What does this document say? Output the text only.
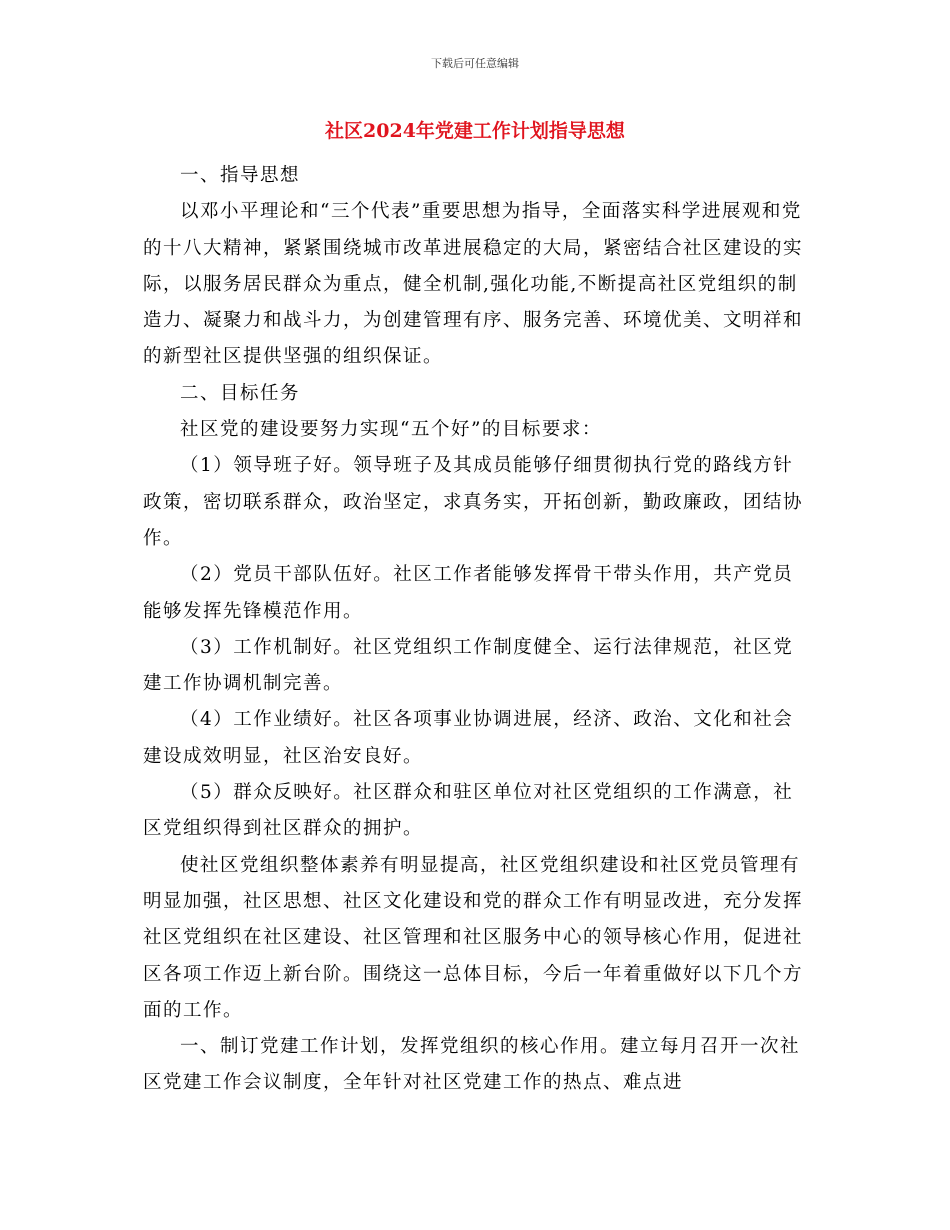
下载后可任意编辑
社区2024年党建工作计划指导思想

一、指导思想

以邓小平理论和“三个代表”重要思想为指导，全面落实科学进展观和党的十八大精神，紧紧围绕城市改革进展稳定的大局，紧密结合社区建设的实际，以服务居民群众为重点，健全机制,强化功能,不断提高社区党组织的制造力、凝聚力和战斗力，为创建管理有序、服务完善、环境优美、文明祥和的新型社区提供坚强的组织保证。

二、目标任务

社区党的建设要努力实现“五个好”的目标要求：

（1）领导班子好。领导班子及其成员能够仔细贯彻执行党的路线方针政策，密切联系群众，政治坚定，求真务实，开拓创新，勤政廉政，团结协作。

（2）党员干部队伍好。社区工作者能够发挥骨干带头作用，共产党员能够发挥先锋模范作用。

（3）工作机制好。社区党组织工作制度健全、运行法律规范，社区党建工作协调机制完善。

（4）工作业绩好。社区各项事业协调进展，经济、政治、文化和社会建设成效明显，社区治安良好。

（5）群众反映好。社区群众和驻区单位对社区党组织的工作满意，社区党组织得到社区群众的拥护。

使社区党组织整体素养有明显提高，社区党组织建设和社区党员管理有明显加强，社区思想、社区文化建设和党的群众工作有明显改进，充分发挥社区党组织在社区建设、社区管理和社区服务中心的领导核心作用，促进社区各项工作迈上新台阶。围绕这一总体目标，今后一年着重做好以下几个方面的工作。

一、制订党建工作计划，发挥党组织的核心作用。建立每月召开一次社区党建工作会议制度，全年针对社区党建工作的热点、难点进
